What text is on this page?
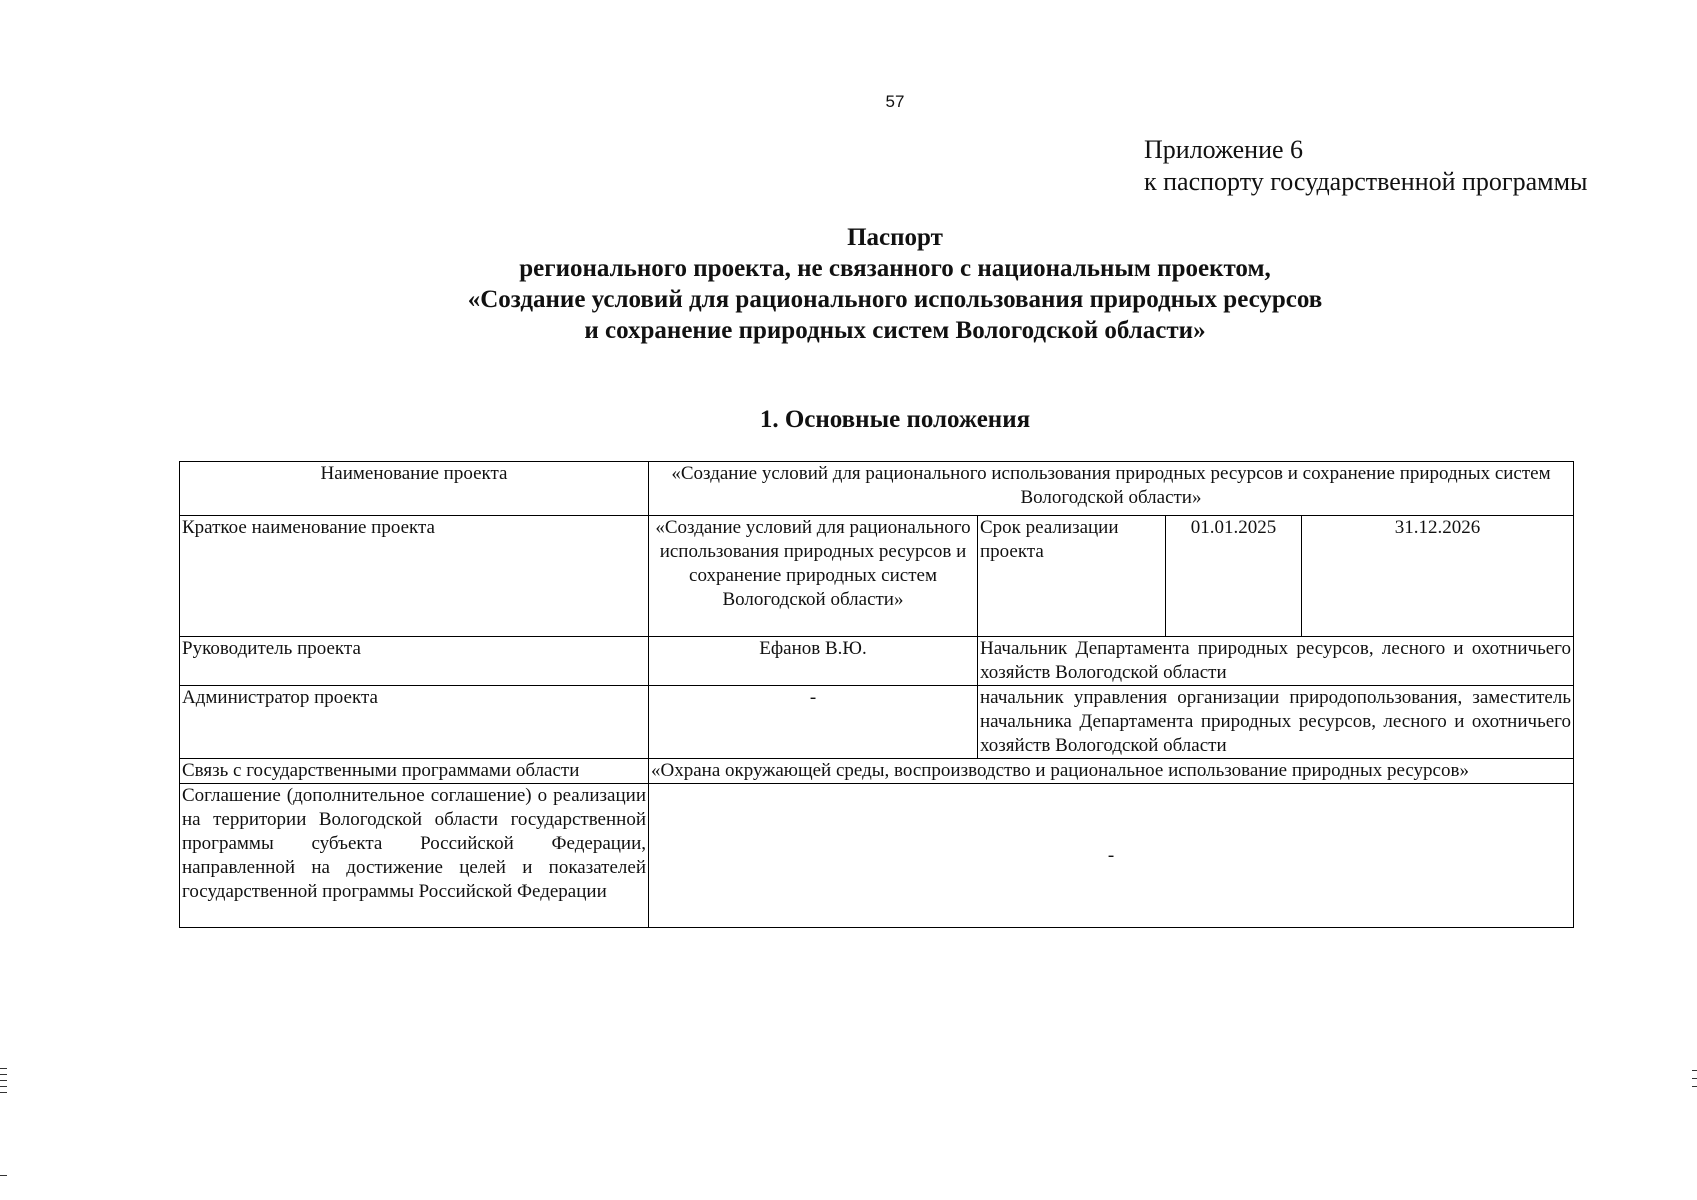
57
Приложение 6
к паспорту государственной программы
Паспорт
регионального проекта, не связанного с национальным проектом,
«Создание условий для рационального использования природных ресурсов
и сохранение природных систем Вологодской области»
1. Основные положения
Наименование проекта	«Создание условий для рационального использования природных ресурсов и сохранение природных систем Вологодской области»			
Краткое наименование проекта	«Создание условий для рационального использования природных ресурсов и сохранение природных систем Вологодской области»	Срок реализации проекта	01.01.2025	31.12.2026
Руководитель проекта	Ефанов В.Ю.	Начальник Департамента природных ресурсов, лесного и охотничьего хозяйств Вологодской области		
Администратор проекта	-	начальник управления организации природопользования, заместитель начальника Департамента природных ресурсов, лесного и охотничьего хозяйств Вологодской области		
Связь с государственными программами области	«Охрана окружающей среды, воспроизводство и рациональное использование природных ресурсов»			
Соглашение (дополнительное соглашение) о реализации на территории Вологодской области государственной программы субъекта Российской Федерации, направленной на достижение целей и показателей государственной программы Российской Федерации	-			
